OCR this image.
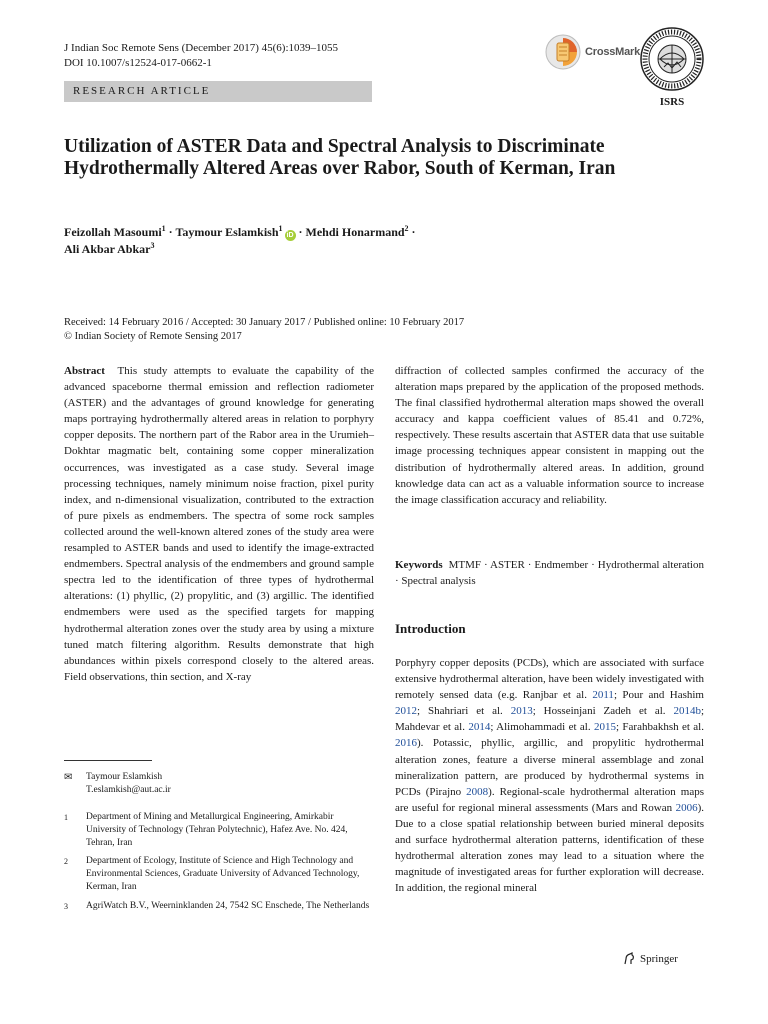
J Indian Soc Remote Sens (December 2017) 45(6):1039–1055
DOI 10.1007/s12524-017-0662-1
RESEARCH ARTICLE
CrossMark
ISRS
Utilization of ASTER Data and Spectral Analysis to Discriminate Hydrothermally Altered Areas over Rabor, South of Kerman, Iran
Feizollah Masoumi$^1$ · Taymour Eslamkish$^1$iD · Mehdi Honarmand$^2$ ·
Ali Akbar Abkar$^3$
Received: 14 February 2016 / Accepted: 30 January 2017 / Published online: 10 February 2017
© Indian Society of Remote Sensing 2017
Abstract This study attempts to evaluate the capability of the advanced spaceborne thermal emission and reflection radiometer (ASTER) and the advantages of ground knowledge for generating maps portraying hydrothermally altered areas in relation to porphyry copper deposits. The northern part of the Rabor area in the Urumieh–Dokhtar magmatic belt, containing some copper mineralization occurrences, was investigated as a case study. Several image processing techniques, namely minimum noise fraction, pixel purity index, and n-dimensional visualization, contributed to the extraction of pure pixels as endmembers. The spectra of some rock samples collected around the well-known altered zones of the study area were resampled to ASTER bands and used to identify the image-extracted endmembers. Spectral analysis of the endmembers and ground sample spectra led to the identification of three types of hydrothermal alterations: (1) phyllic, (2) propylitic, and (3) argillic. The identified endmembers were used as the specified targets for mapping hydrothermal alteration zones over the study area by using a mixture tuned match filtering algorithm. Results demonstrate that high abundances within pixels correspond closely to the altered areas. Field observations, thin section, and X-ray
diffraction of collected samples confirmed the accuracy of the alteration maps prepared by the application of the proposed methods. The final classified hydrothermal alteration maps showed the overall accuracy and kappa coefficient values of 85.41 and 0.72%, respectively. These results ascertain that ASTER data that use suitable image processing techniques appear consistent in mapping out the distribution of hydrothermally altered areas. In addition, ground knowledge data can act as a valuable information source to increase the image classification accuracy and reliability.
Keywords MTMF · ASTER · Endmember · Hydrothermal alteration · Spectral analysis
Introduction
Porphyry copper deposits (PCDs), which are associated with surface extensive hydrothermal alteration, have been widely investigated with remotely sensed data (e.g. Ranjbar et al. 2011; Pour and Hashim 2012; Shahriari et al. 2013; Hosseinjani Zadeh et al. 2014b; Mahdevar et al. 2014; Alimohammadi et al. 2015; Farahbakhsh et al. 2016). Potassic, phyllic, argillic, and propylitic hydrothermal alteration zones, feature a diverse mineral assemblage and zonal mineralization pattern, are produced by hydrothermal systems in PCDs (Pirajno 2008). Regional-scale hydrothermal alteration maps are useful for regional mineral assessments (Mars and Rowan 2006). Due to a close spatial relationship between buried mineral deposits and surface hydrothermal alteration patterns, identification of these hydrothermal alteration zones may lead to a situation where the magnitude of investigated areas for further exploration will decrease. In addition, the regional mineral
✉ Taymour Eslamkish
T.eslamkish@aut.ac.ir
1 Department of Mining and Metallurgical Engineering, Amirkabir University of Technology (Tehran Polytechnic), Hafez Ave. No. 424, Tehran, Iran
2 Department of Ecology, Institute of Science and High Technology and Environmental Sciences, Graduate University of Advanced Technology, Kerman, Iran
3 AgriWatch B.V., Weerninklanden 24, 7542 SC Enschede, The Netherlands
Springer
